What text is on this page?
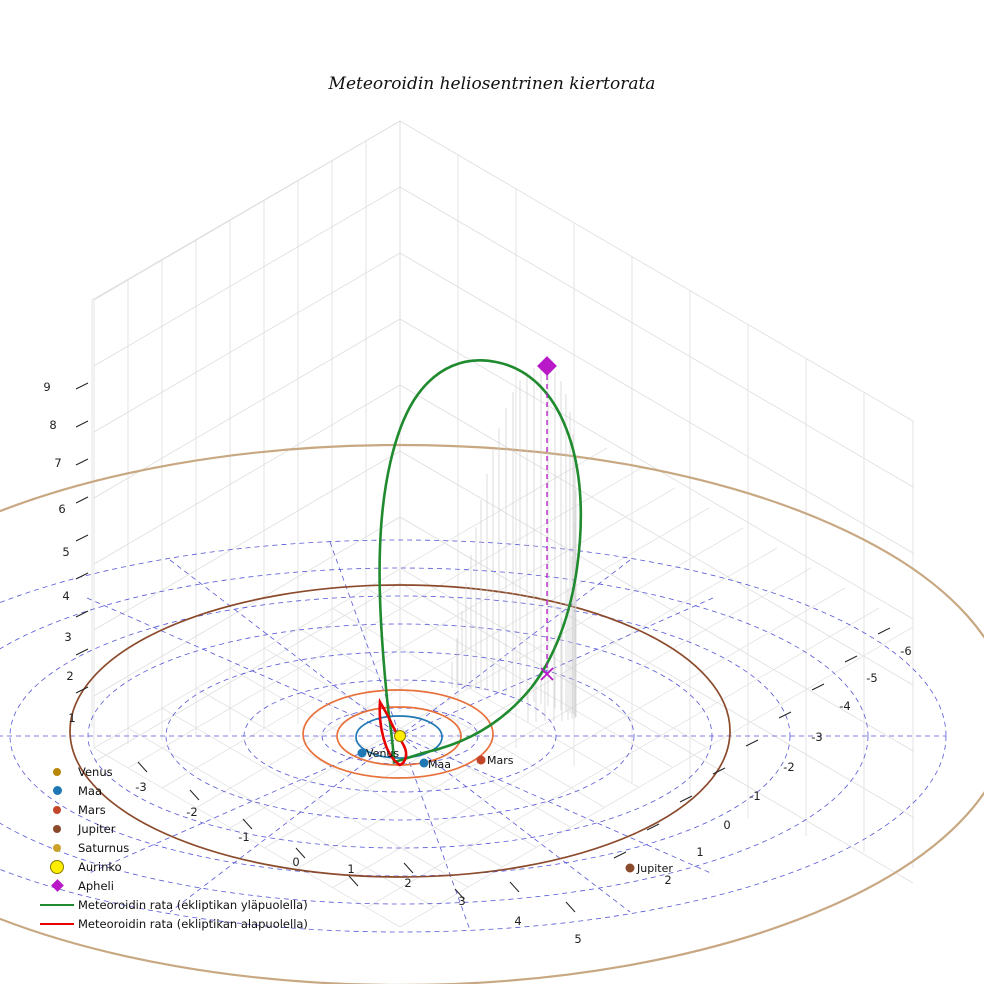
Meteoroidin heliosentrinen kiertorata
Venus
Maa	Mars
Jupiter
9
8
7
6
5
4
3
2
1
-3
-2
-1
0	1
2
3
4
5
-6
-5
-4
-3
-2
-1
0
1
2
Venus
Maa
Mars
Jupiter
Saturnus
Aurinko
Apheli
Meteoroidin rata (ekliptikan yläpuolella)
Meteoroidin rata (ekliptikan alapuolella)
